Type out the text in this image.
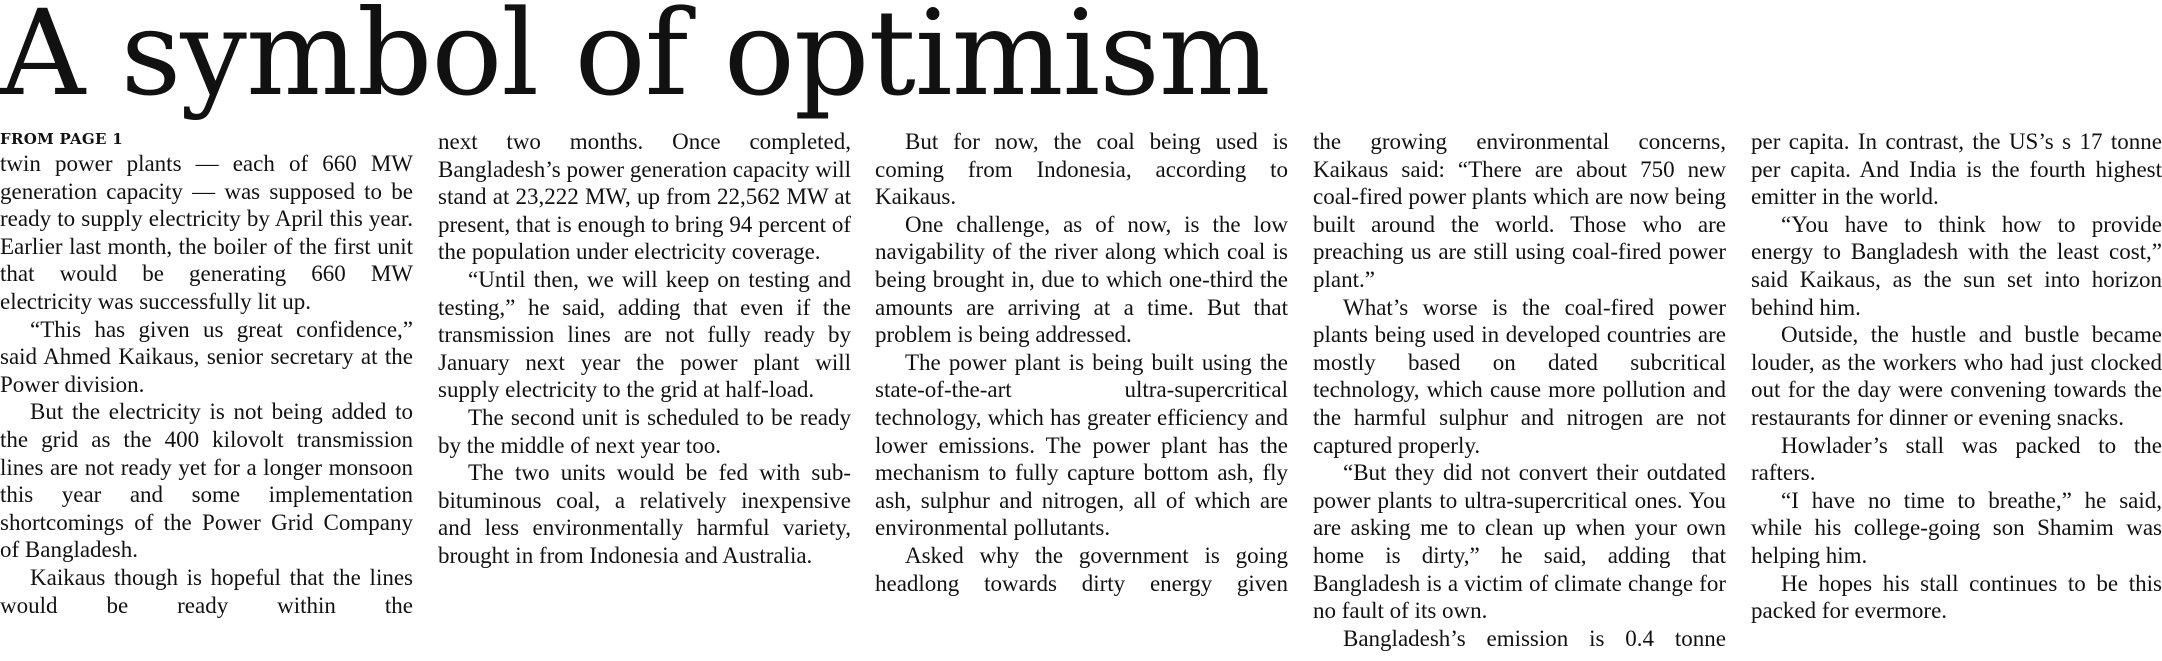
A symbol of optimism
FROM PAGE 1

twin power plants — each of 660 MW generation capacity — was supposed to be ready to supply electricity by April this year. Earlier last month, the boiler of the first unit that would be generating 660 MW electricity was successfully lit up.

“This has given us great confidence,” said Ahmed Kaikaus, senior secretary at the Power division.

But the electricity is not being added to the grid as the 400 kilovolt transmission lines are not ready yet for a longer monsoon this year and some implementation shortcomings of the Power Grid Company of Bangladesh.

Kaikaus though is hopeful that the lines would be ready within the

next two months. Once completed, Bangladesh’s power generation capacity will stand at 23,222 MW, up from 22,562 MW at present, that is enough to bring 94 percent of the population under electricity coverage.

“Until then, we will keep on testing and testing,” he said, adding that even if the transmission lines are not fully ready by January next year the power plant will supply electricity to the grid at half-load.

The second unit is scheduled to be ready by the middle of next year too.

The two units would be fed with sub-bituminous coal, a relatively inexpensive and less environmentally harmful variety, brought in from Indonesia and Australia.

But for now, the coal being used is coming from Indonesia, according to Kaikaus.

One challenge, as of now, is the low navigability of the river along which coal is being brought in, due to which one-third the amounts are arriving at a time. But that problem is being addressed.

The power plant is being built using the state-of-the-art ultra-supercritical technology, which has greater efficiency and lower emissions. The power plant has the mechanism to fully capture bottom ash, fly ash, sulphur and nitrogen, all of which are environmental pollutants.

Asked why the government is going headlong towards dirty energy given

the growing environmental concerns, Kaikaus said: “There are about 750 new coal-fired power plants which are now being built around the world. Those who are preaching us are still using coal-fired power plant.”

What’s worse is the coal-fired power plants being used in developed countries are mostly based on dated subcritical technology, which cause more pollution and the harmful sulphur and nitrogen are not captured properly.

“But they did not convert their outdated power plants to ultra-supercritical ones. You are asking me to clean up when your own home is dirty,” he said, adding that Bangladesh is a victim of climate change for no fault of its own.

Bangladesh’s emission is 0.4 tonne

per capita. In contrast, the US’s s 17 tonne per capita. And India is the fourth highest emitter in the world.

“You have to think how to provide energy to Bangladesh with the least cost,” said Kaikaus, as the sun set into horizon behind him.

Outside, the hustle and bustle became louder, as the workers who had just clocked out for the day were convening towards the restaurants for dinner or evening snacks.

Howlader’s stall was packed to the rafters.

“I have no time to breathe,” he said, while his college-going son Shamim was helping him.

He hopes his stall continues to be this packed for evermore.
